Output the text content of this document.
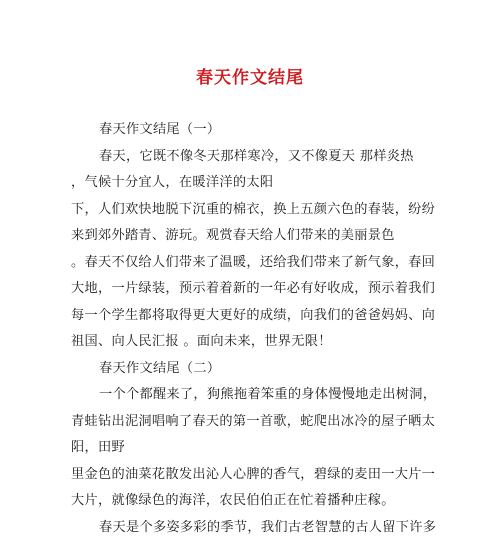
春天作文结尾
春天作文结尾（一）
春天，它既不像冬天那样寒冷，又不像夏天 那样炎热
，气候十分宜人，在暖洋洋的太阳
下，人们欢快地脱下沉重的棉衣，换上五颜六色的春装，纷纷
来到郊外踏青、游玩。观赏春天给人们带来的美丽景色
。春天不仅给人们带来了温暖，还给我们带来了新气象，春回
大地，一片绿装，预示着着新的一年必有好收成，预示着我们
每一个学生都将取得更大更好的成绩，向我们的爸爸妈妈、向
祖国、向人民汇报 。面向未来，世界无限！
春天作文结尾（二）
一个个都醒来了，狗熊拖着笨重的身体慢慢地走出树洞，
青蛙钻出泥洞唱响了春天的第一首歌，蛇爬出冰冷的屋子晒太
阳，田野
里金色的油菜花散发出沁人心脾的香气，碧绿的麦田一大片一
大片，就像绿色的海洋，农民伯伯正在忙着播种庄稼。
春天是个多姿多彩的季节，我们古老智慧的古人留下许多
